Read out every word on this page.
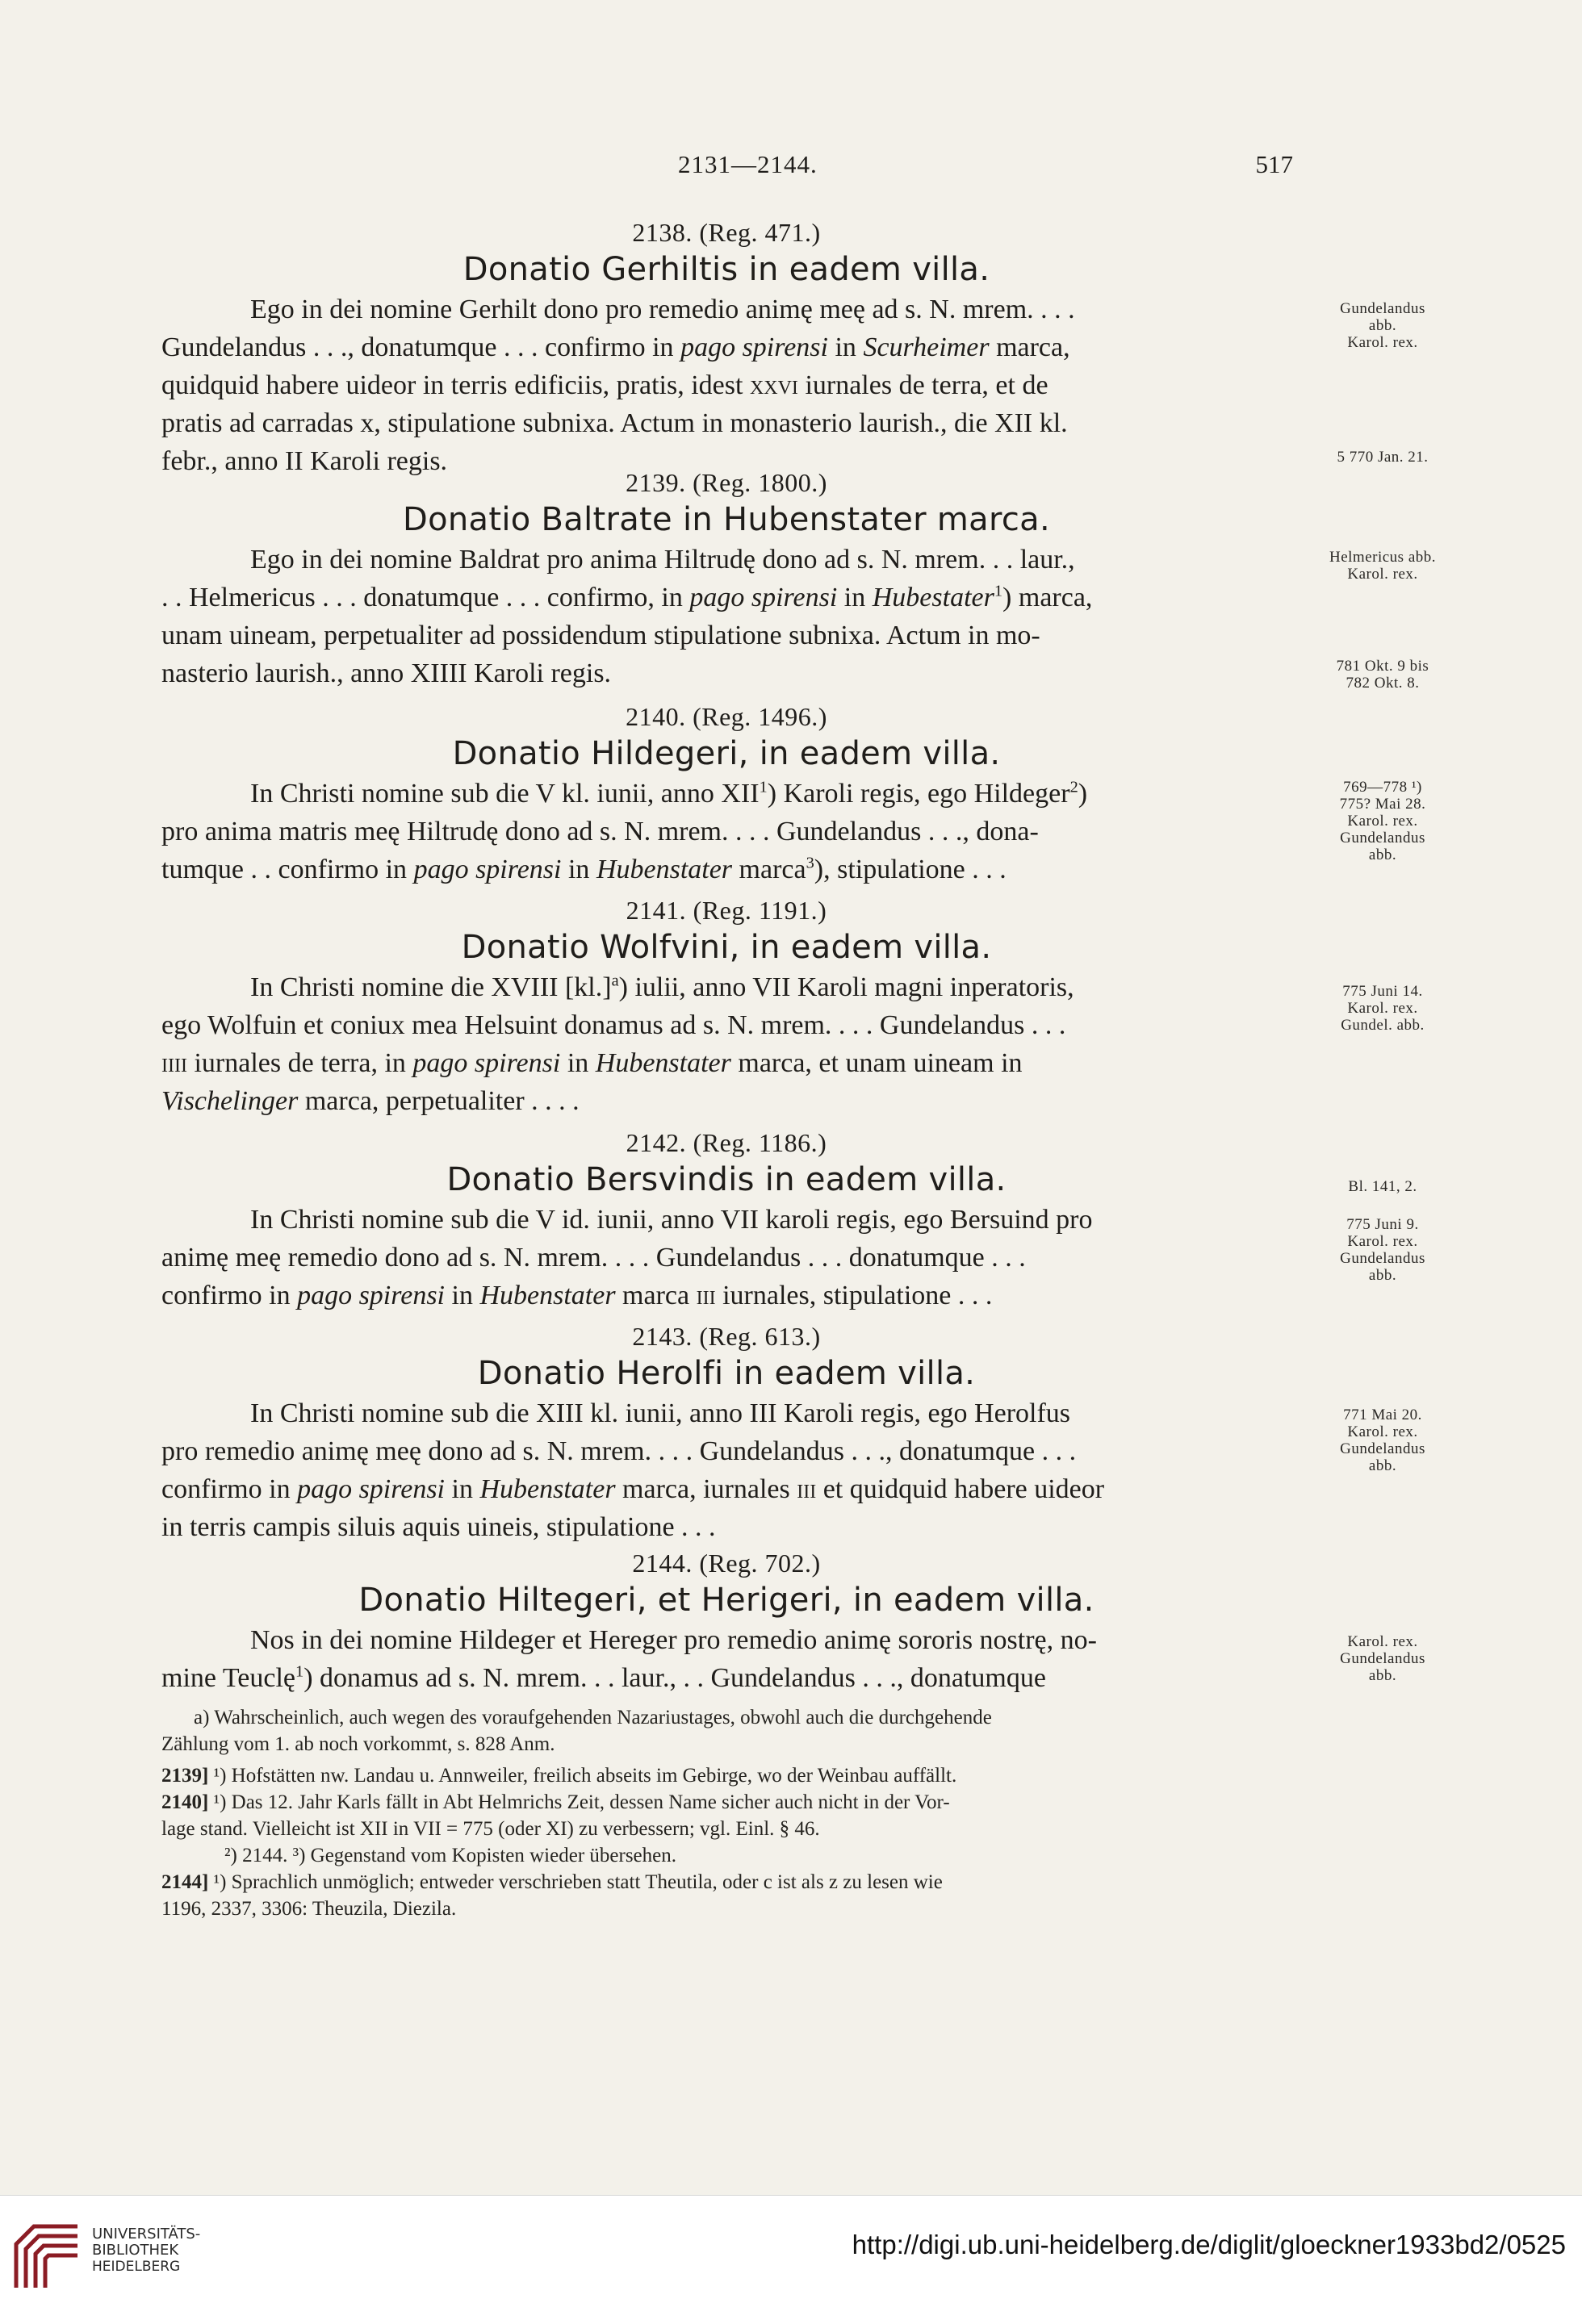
2131—2144.	517
2138. (Reg. 471.)
Donatio Gerhiltis in eadem villa.
Ego in dei nomine Gerhilt dono pro remedio animę meę ad s. N. mrem. . . .
Gundelandus . . ., donatumque . . . confirmo in pago spirensi in Scurheimer marca,
quidquid habere uideor in terris edificiis, pratis, idest xxvi iurnales de terra, et de
pratis ad carradas x, stipulatione subnixa. Actum in monasterio laurish., die XII kl.
febr., anno II Karoli regis.
Gundelandus
abb.
Karol. rex.
5 770 Jan. 21.
2139. (Reg. 1800.)
Donatio Baltrate in Hubenstater marca.
Ego in dei nomine Baldrat pro anima Hiltrudę dono ad s. N. mrem. . . laur.,
. . Helmericus . . . donatumque . . . confirmo, in pago spirensi in Hubestater$^1$) marca,
unam uineam, perpetualiter ad possidendum stipulatione subnixa. Actum in mo-
nasterio laurish., anno XIIII Karoli regis.
Helmericus abb.
Karol. rex.
781 Okt. 9 bis
782 Okt. 8.
2140. (Reg. 1496.)
Donatio Hildegeri, in eadem villa.
In Christi nomine sub die V kl. iunii, anno XII$^1$) Karoli regis, ego Hildeger$^2$)
pro anima matris meę Hiltrudę dono ad s. N. mrem. . . . Gundelandus . . ., dona-
tumque . . confirmo in pago spirensi in Hubenstater marca$^3$), stipulatione . . .
769—778 ¹)
775? Mai 28.
Karol. rex.
Gundelandus
abb.
2141. (Reg. 1191.)
Donatio Wolfvini, in eadem villa.
In Christi nomine die XVIII $[kl.]^a$) iulii, anno VII Karoli magni inperatoris,
ego Wolfuin et coniux mea Helsuint donamus ad s. N. mrem. . . . Gundelandus . . .
iiii iurnales de terra, in pago spirensi in Hubenstater marca, et unam uineam in
Vischelinger marca, perpetualiter . . . .
775 Juni 14.
Karol. rex.
Gundel. abb.
2142. (Reg. 1186.)
Donatio Bersvindis in eadem villa.
In Christi nomine sub die V id. iunii, anno VII karoli regis, ego Bersuind pro
animę meę remedio dono ad s. N. mrem. . . . Gundelandus . . . donatumque . . .
confirmo in pago spirensi in Hubenstater marca iii iurnales, stipulatione . . .
Bl. 141, 2.
775 Juni 9.
Karol. rex.
Gundelandus
abb.
2143. (Reg. 613.)
Donatio Herolfi in eadem villa.
In Christi nomine sub die XIII kl. iunii, anno III Karoli regis, ego Herolfus
pro remedio animę meę dono ad s. N. mrem. . . . Gundelandus . . ., donatumque . . .
confirmo in pago spirensi in Hubenstater marca, iurnales iii et quidquid habere uideor
in terris campis siluis aquis uineis, stipulatione . . .
771 Mai 20.
Karol. rex.
Gundelandus
abb.
2144. (Reg. 702.)
Donatio Hiltegeri, et Herigeri, in eadem villa.
Nos in dei nomine Hildeger et Hereger pro remedio animę sororis nostrę, no-
mine Teuclę$^1$) donamus ad s. N. mrem. . . laur., . . Gundelandus . . ., donatumque
Karol. rex.
Gundelandus
abb.
a) Wahrscheinlich, auch wegen des voraufgehenden Nazariustages, obwohl auch die durchgehende
Zählung vom 1. ab noch vorkommt, s. 828 Anm.
2139] ¹) Hofstätten nw. Landau u. Annweiler, freilich abseits im Gebirge, wo der Weinbau auffällt.
2140] ¹) Das 12. Jahr Karls fällt in Abt Helmrichs Zeit, dessen Name sicher auch nicht in der Vor-
lage stand. Vielleicht ist XII in VII = 775 (oder XI) zu verbessern; vgl. Einl. § 46.
²) 2144. ³) Gegenstand vom Kopisten wieder übersehen.
2144] ¹) Sprachlich unmöglich; entweder verschrieben statt Theutila, oder c ist als z zu lesen wie
1196, 2337, 3306: Theuzila, Diezila.
UNIVERSITÄTS-
BIBLIOTHEK
HEIDELBERG
http://digi.ub.uni-heidelberg.de/diglit/gloeckner1933bd2/0525
